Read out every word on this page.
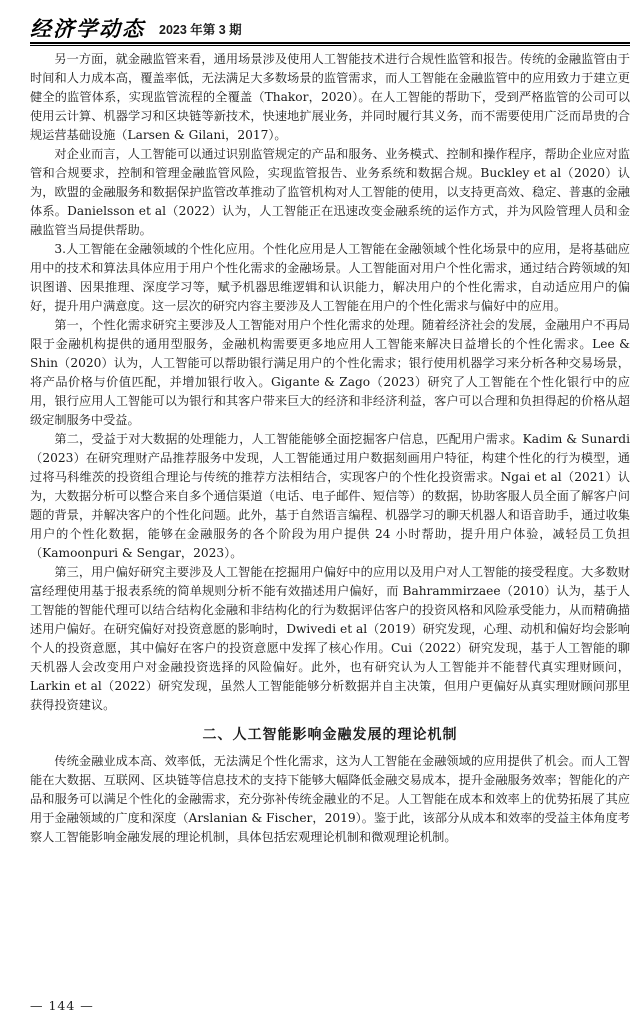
经济学动态 2023 年第 3 期

另一方面，就金融监管来看，通用场景涉及使用人工智能技术进行合规性监管和报告。传统的金融监管由于时间和人力成本高，覆盖率低，无法满足大多数场景的监管需求，而人工智能在金融监管中的应用致力于建立更健全的监管体系，实现监管流程的全覆盖（Thakor，2020）。在人工智能的帮助下，受到严格监管的公司可以使用云计算、机器学习和区块链等新技术，快速地扩展业务，并同时履行其义务，而不需要使用广泛而昂贵的合规运营基础设施（Larsen & Gilani，2017）。

对企业而言，人工智能可以通过识别监管规定的产品和服务、业务模式、控制和操作程序，帮助企业应对监管和合规要求，控制和管理金融监管风险，实现监管报告、业务系统和数据合规。Buckley et al（2020）认为，欧盟的金融服务和数据保护监管改革推动了监管机构对人工智能的使用，以支持更高效、稳定、普惠的金融体系。Danielsson et al（2022）认为，人工智能正在迅速改变金融系统的运作方式，并为风险管理人员和金融监管当局提供帮助。

3.人工智能在金融领域的个性化应用。个性化应用是人工智能在金融领域个性化场景中的应用，是将基础应用中的技术和算法具体应用于用户个性化需求的金融场景。人工智能面对用户个性化需求，通过结合跨领域的知识图谱、因果推理、深度学习等，赋予机器思维逻辑和认识能力，解决用户的个性化需求，自动适应用户的偏好，提升用户满意度。这一层次的研究内容主要涉及人工智能在用户的个性化需求与偏好中的应用。

第一，个性化需求研究主要涉及人工智能对用户个性化需求的处理。随着经济社会的发展，金融用户不再局限于金融机构提供的通用型服务，金融机构需要更多地应用人工智能来解决日益增长的个性化需求。Lee & Shin（2020）认为，人工智能可以帮助银行满足用户的个性化需求；银行使用机器学习来分析各种交易场景，将产品价格与价值匹配，并增加银行收入。Gigante & Zago（2023）研究了人工智能在个性化银行中的应用，银行应用人工智能可以为银行和其客户带来巨大的经济和非经济利益，客户可以合理和负担得起的价格从超级定制服务中受益。

第二，受益于对大数据的处理能力，人工智能能够全面挖掘客户信息，匹配用户需求。Kadim & Sunardi（2023）在研究理财产品推荐服务中发现，人工智能通过用户数据刻画用户特征，构建个性化的行为模型，通过将马科维茨的投资组合理论与传统的推荐方法相结合，实现客户的个性化投资需求。Ngai et al（2021）认为，大数据分析可以整合来自多个通信渠道（电话、电子邮件、短信等）的数据，协助客服人员全面了解客户问题的背景，并解决客户的个性化问题。此外，基于自然语言编程、机器学习的聊天机器人和语音助手，通过收集用户的个性化数据，能够在金融服务的各个阶段为用户提供 24 小时帮助，提升用户体验，减轻员工负担（Kamoonpuri & Sengar，2023）。

第三，用户偏好研究主要涉及人工智能在挖掘用户偏好中的应用以及用户对人工智能的接受程度。大多数财富经理使用基于报表系统的简单规则分析不能有效描述用户偏好，而 Bahrammirzaee（2010）认为，基于人工智能的智能代理可以结合结构化金融和非结构化的行为数据评估客户的投资风格和风险承受能力，从而精确描述用户偏好。在研究偏好对投资意愿的影响时，Dwivedi et al（2019）研究发现，心理、动机和偏好均会影响个人的投资意愿，其中偏好在客户的投资意愿中发挥了核心作用。Cui（2022）研究发现，基于人工智能的聊天机器人会改变用户对金融投资选择的风险偏好。此外，也有研究认为人工智能并不能替代真实理财顾问，Larkin et al（2022）研究发现，虽然人工智能能够分析数据并自主决策，但用户更偏好从真实理财顾问那里获得投资建议。

二、人工智能影响金融发展的理论机制

传统金融业成本高、效率低，无法满足个性化需求，这为人工智能在金融领域的应用提供了机会。而人工智能在大数据、互联网、区块链等信息技术的支持下能够大幅降低金融交易成本，提升金融服务效率；智能化的产品和服务可以满足个性化的金融需求，充分弥补传统金融业的不足。人工智能在成本和效率上的优势拓展了其应用于金融领域的广度和深度（Arslanian & Fischer，2019）。鉴于此，该部分从成本和效率的受益主体角度考察人工智能影响金融发展的理论机制，具体包括宏观理论机制和微观理论机制。

— 144 —
